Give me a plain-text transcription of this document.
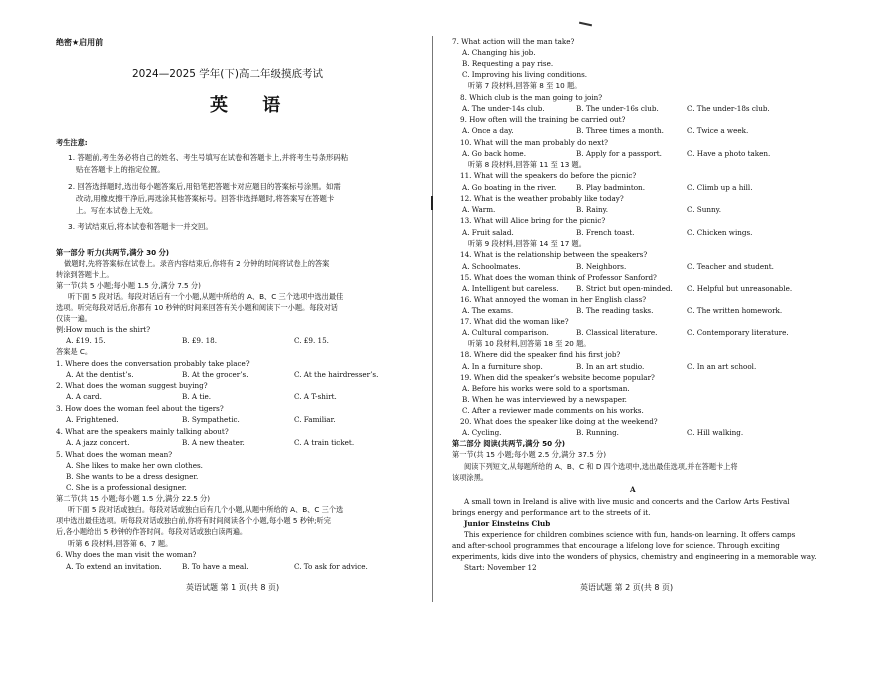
绝密★启用前
2024—2025 学年(下)高二年级摸底考试
英 语
考生注意:
1. 答题前,考生务必将自己的姓名、考生号填写在试卷和答题卡上,并将考生号条形码粘
贴在答题卡上的指定位置。
2. 回答选择题时,选出每小题答案后,用铅笔把答题卡对应题目的答案标号涂黑。如需
改动,用橡皮擦干净后,再选涂其他答案标号。回答非选择题时,将答案写在答题卡
上。写在本试卷上无效。
3. 考试结束后,将本试卷和答题卡一并交回。
第一部分 听力(共两节,满分 30 分)
做题时,先将答案标在试卷上。录音内容结束后,你将有 2 分钟的时间将试卷上的答案
转涂到答题卡上。
第一节(共 5 小题;每小题 1.5 分,满分 7.5 分)
听下面 5 段对话。每段对话后有一个小题,从题中所给的 A、B、C 三个选项中选出最佳
选项。听完每段对话后,你都有 10 秒钟的时间来回答有关小题和阅读下一小题。每段对话
仅读一遍。
例:How much is the shirt?
A. £19. 15.	B. £9. 18.	C. £9. 15.
答案是 C。
1. Where does the conversation probably take place?
A. At the dentist’s.	B. At the grocer’s.	C. At the hairdresser’s.
2. What does the woman suggest buying?
A. A card.	B. A tie.	C. A T-shirt.
3. How does the woman feel about the tigers?
A. Frightened.	B. Sympathetic.	C. Familiar.
4. What are the speakers mainly talking about?
A. A jazz concert.	B. A new theater.	C. A train ticket.
5. What does the woman mean?
A. She likes to make her own clothes.
B. She wants to be a dress designer.
C. She is a professional designer.
第二节(共 15 小题;每小题 1.5 分,满分 22.5 分)
听下面 5 段对话或独白。每段对话或独白后有几个小题,从题中所给的 A、B、C 三个选
项中选出最佳选项。听每段对话或独白前,你将有时间阅读各个小题,每小题 5 秒钟;听完
后,各小题给出 5 秒钟的作答时间。每段对话或独白读两遍。
听第 6 段材料,回答第 6、7 题。
6. Why does the man visit the woman?
A. To extend an invitation.	B. To have a meal.	C. To ask for advice.
英语试题 第 1 页(共 8 页)
7. What action will the man take?
A. Changing his job.
B. Requesting a pay rise.
C. Improving his living conditions.
听第 7 段材料,回答第 8 至 10 题。
8. Which club is the man going to join?
A. The under-14s club.	B. The under-16s club.	C. The under-18s club.
9. How often will the training be carried out?
A. Once a day.	B. Three times a month.	C. Twice a week.
10. What will the man probably do next?
A. Go back home.	B. Apply for a passport.	C. Have a photo taken.
听第 8 段材料,回答第 11 至 13 题。
11. What will the speakers do before the picnic?
A. Go boating in the river.	B. Play badminton.	C. Climb up a hill.
12. What is the weather probably like today?
A. Warm.	B. Rainy.	C. Sunny.
13. What will Alice bring for the picnic?
A. Fruit salad.	B. French toast.	C. Chicken wings.
听第 9 段材料,回答第 14 至 17 题。
14. What is the relationship between the speakers?
A. Schoolmates.	B. Neighbors.	C. Teacher and student.
15. What does the woman think of Professor Sanford?
A. Intelligent but careless. B. Strict but open-minded. C. Helpful but unreasonable.
16. What annoyed the woman in her English class?
A. The exams.	B. The reading tasks.	C. The written homework.
17. What did the woman like?
A. Cultural comparison.	B. Classical literature.	C. Contemporary literature.
听第 10 段材料,回答第 18 至 20 题。
18. Where did the speaker find his first job?
A. In a furniture shop.	B. In an art studio.	C. In an art school.
19. When did the speaker’s website become popular?
A. Before his works were sold to a sportsman.
B. When he was interviewed by a newspaper.
C. After a reviewer made comments on his works.
20. What does the speaker like doing at the weekend?
A. Cycling.	B. Running.	C. Hill walking.
第二部分 阅读(共两节,满分 50 分)
第一节(共 15 小题;每小题 2.5 分,满分 37.5 分)
阅读下列短文,从每题所给的 A、B、C 和 D 四个选项中,选出最佳选项,并在答题卡上将
该项涂黑。
A
A small town in Ireland is alive with live music and concerts and the Carlow Arts Festival
brings energy and performance art to the streets of it.
Junior Einsteins Club
This experience for children combines science with fun, hands-on learning. It offers camps
and after-school programmes that encourage a lifelong love for science. Through exciting
experiments, kids dive into the wonders of physics, chemistry and engineering in a memorable way.
Start: November 12
英语试题 第 2 页(共 8 页)
